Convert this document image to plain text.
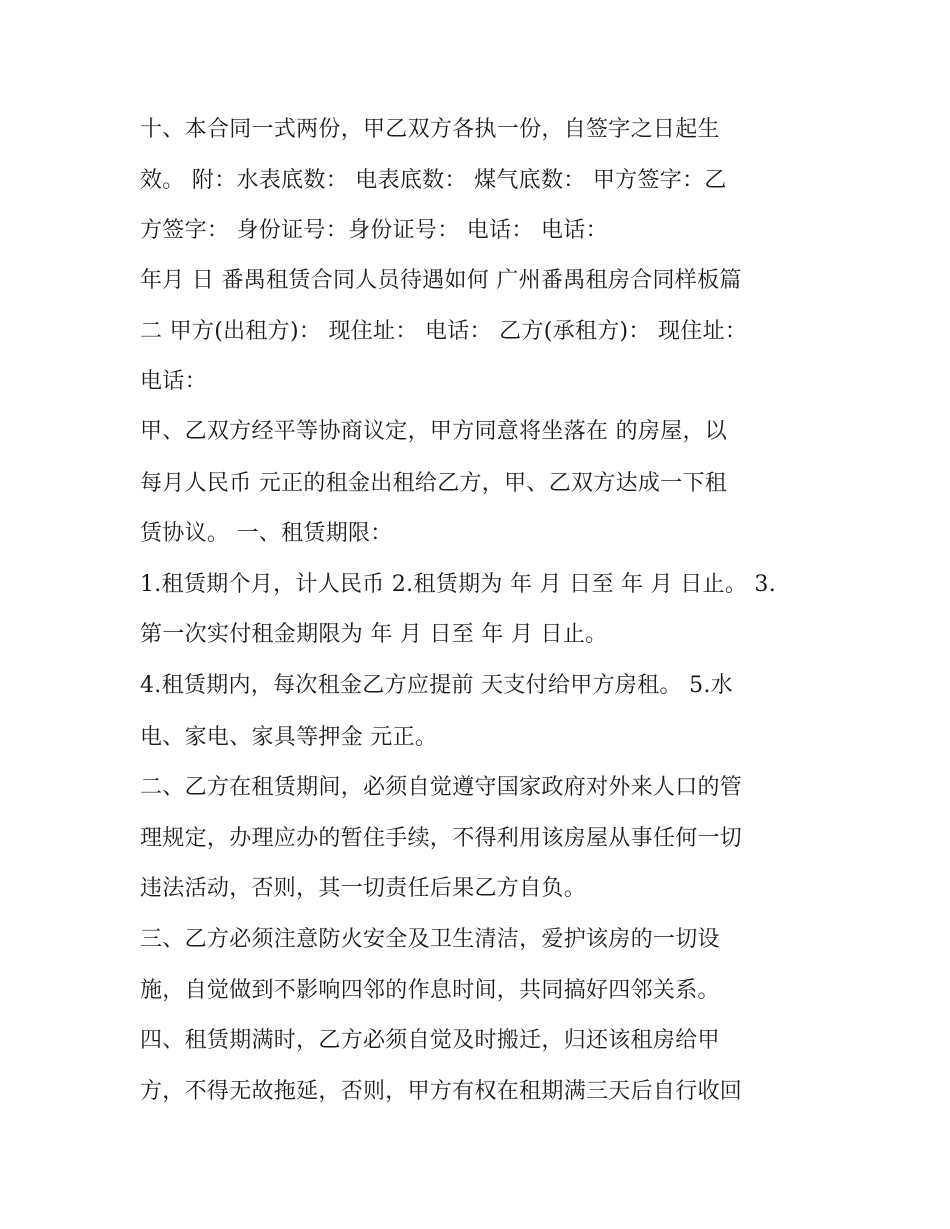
十、本合同一式两份，甲乙双方各执一份，自签字之日起生

效。 附：水表底数： 电表底数： 煤气底数： 甲方签字：乙

方签字： 身份证号：身份证号： 电话： 电话：

年月 日 番禺租赁合同人员待遇如何 广州番禺租房合同样板篇

二 甲方(出租方)： 现住址： 电话： 乙方(承租方)： 现住址：

电话：

甲、乙双方经平等协商议定，甲方同意将坐落在 的房屋，以

每月人民币 元正的租金出租给乙方，甲、乙双方达成一下租

赁协议。 一、租赁期限：

1.租赁期个月，计人民币 2.租赁期为 年 月 日至 年 月 日止。 3.

第一次实付租金期限为 年 月 日至 年 月 日止。

4.租赁期内，每次租金乙方应提前 天支付给甲方房租。 5.水

电、家电、家具等押金 元正。

二、乙方在租赁期间，必须自觉遵守国家政府对外来人口的管

理规定，办理应办的暂住手续，不得利用该房屋从事任何一切

违法活动，否则，其一切责任后果乙方自负。

三、乙方必须注意防火安全及卫生清洁，爱护该房的一切设

施，自觉做到不影响四邻的作息时间，共同搞好四邻关系。

四、租赁期满时，乙方必须自觉及时搬迁，归还该租房给甲

方，不得无故拖延，否则，甲方有权在租期满三天后自行收回
